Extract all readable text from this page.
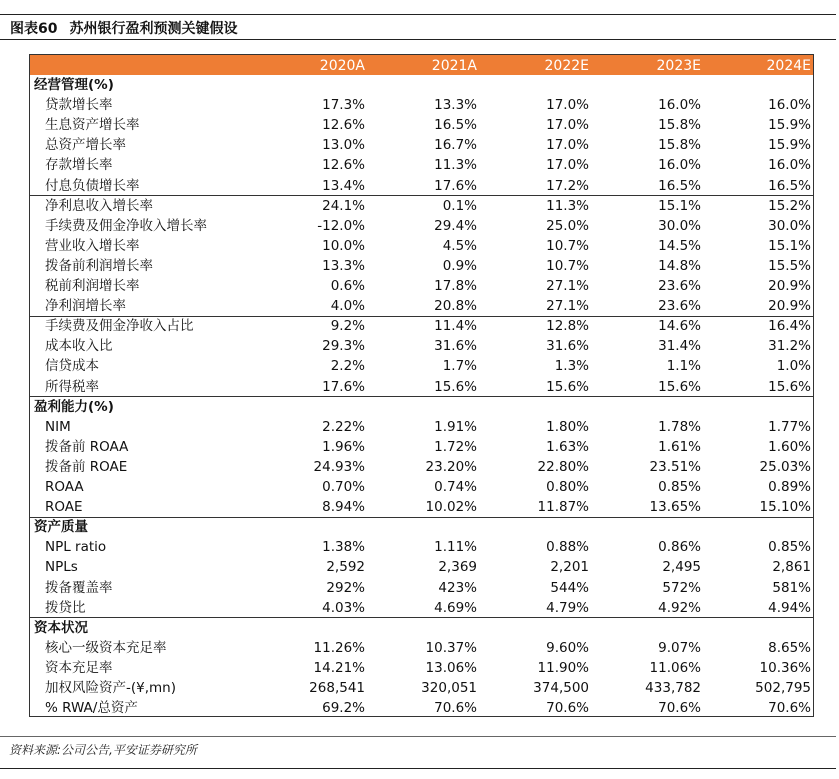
图表60 苏州银行盈利预测关键假设
2020A	2021A	2022E	2023E	2024E
经营管理(%)
贷款增长率	17.3%	13.3%	17.0%	16.0%	16.0%
生息资产增长率	12.6%	16.5%	17.0%	15.8%	15.9%
总资产增长率	13.0%	16.7%	17.0%	15.8%	15.9%
存款增长率	12.6%	11.3%	17.0%	16.0%	16.0%
付息负债增长率	13.4%	17.6%	17.2%	16.5%	16.5%
净利息收入增长率	24.1%	0.1%	11.3%	15.1%	15.2%
手续费及佣金净收入增长率	-12.0%	29.4%	25.0%	30.0%	30.0%
营业收入增长率	10.0%	4.5%	10.7%	14.5%	15.1%
拨备前利润增长率	13.3%	0.9%	10.7%	14.8%	15.5%
税前利润增长率	0.6%	17.8%	27.1%	23.6%	20.9%
净利润增长率	4.0%	20.8%	27.1%	23.6%	20.9%
手续费及佣金净收入占比	9.2%	11.4%	12.8%	14.6%	16.4%
成本收入比	29.3%	31.6%	31.6%	31.4%	31.2%
信贷成本	2.2%	1.7%	1.3%	1.1%	1.0%
所得税率	17.6%	15.6%	15.6%	15.6%	15.6%
盈利能力(%)
NIM	2.22%	1.91%	1.80%	1.78%	1.77%
拨备前 ROAA	1.96%	1.72%	1.63%	1.61%	1.60%
拨备前 ROAE	24.93%	23.20%	22.80%	23.51%	25.03%
ROAA	0.70%	0.74%	0.80%	0.85%	0.89%
ROAE	8.94%	10.02%	11.87%	13.65%	15.10%
资产质量
NPL ratio	1.38%	1.11%	0.88%	0.86%	0.85%
NPLs	2,592	2,369	2,201	2,495	2,861
拨备覆盖率	292%	423%	544%	572%	581%
拨贷比	4.03%	4.69%	4.79%	4.92%	4.94%
资本状况
核心一级资本充足率	11.26%	10.37%	9.60%	9.07%	8.65%
资本充足率	14.21%	13.06%	11.90%	11.06%	10.36%
加权风险资产-(¥,mn)	268,541	320,051	374,500	433,782	502,795
% RWA/总资产	69.2%	70.6%	70.6%	70.6%	70.6%
资料来源:公司公告,平安证券研究所
